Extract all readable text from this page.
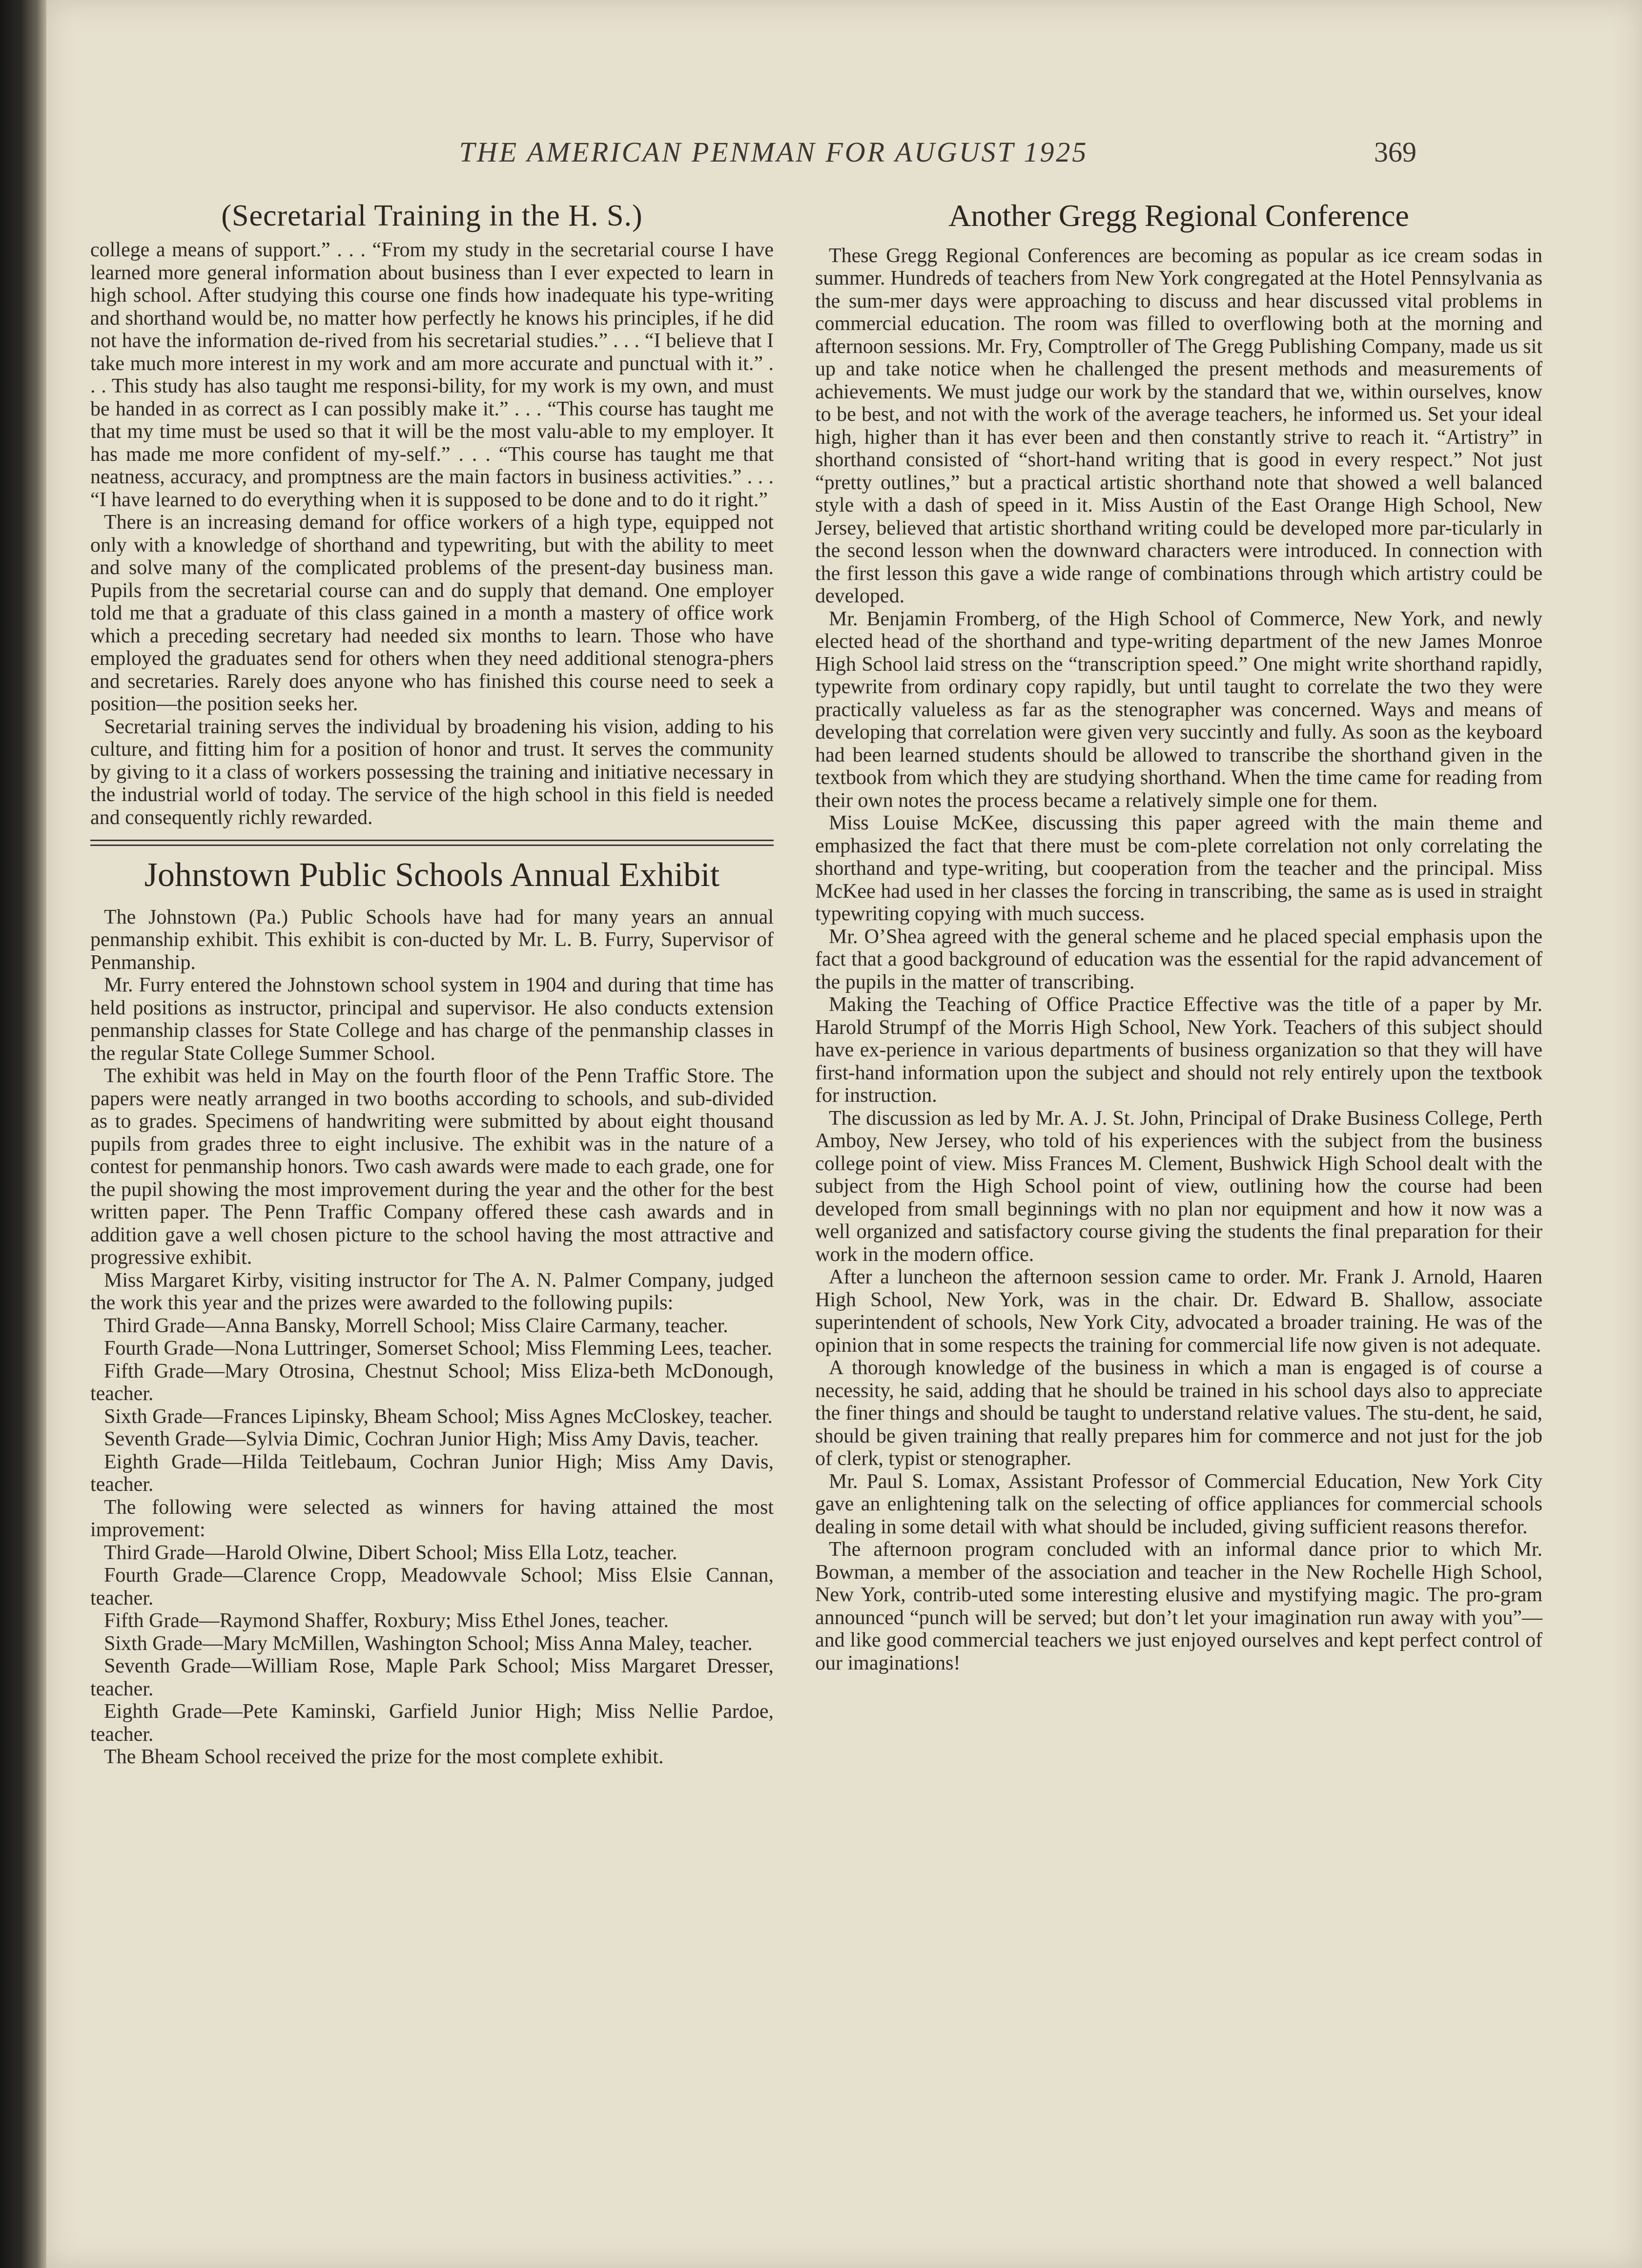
THE AMERICAN PENMAN FOR AUGUST 1925	369
(Secretarial Training in the H. S.)

college a means of support.” . . . “From my study in the secretarial course I have learned more general information about business than I ever expected to learn in high school. After studying this course one finds how inadequate his type-writing and shorthand would be, no matter how perfectly he knows his principles, if he did not have the information de-rived from his secretarial studies.” . . . “I believe that I take much more interest in my work and am more accurate and punctual with it.” . . . This study has also taught me responsi-bility, for my work is my own, and must be handed in as correct as I can possibly make it.” . . . “This course has taught me that my time must be used so that it will be the most valu-able to my employer. It has made me more confident of my-self.” . . . “This course has taught me that neatness, accuracy, and promptness are the main factors in business activities.” . . . “I have learned to do everything when it is supposed to be done and to do it right.”

There is an increasing demand for office workers of a high type, equipped not only with a knowledge of shorthand and typewriting, but with the ability to meet and solve many of the complicated problems of the present-day business man. Pupils from the secretarial course can and do supply that demand. One employer told me that a graduate of this class gained in a month a mastery of office work which a preceding secretary had needed six months to learn. Those who have employed the graduates send for others when they need additional stenogra-phers and secretaries. Rarely does anyone who has finished this course need to seek a position—the position seeks her.

Secretarial training serves the individual by broadening his vision, adding to his culture, and fitting him for a position of honor and trust. It serves the community by giving to it a class of workers possessing the training and initiative necessary in the industrial world of today. The service of the high school in this field is needed and consequently richly rewarded.

Johnstown Public Schools Annual Exhibit

The Johnstown (Pa.) Public Schools have had for many years an annual penmanship exhibit. This exhibit is con-ducted by Mr. L. B. Furry, Supervisor of Penmanship.

Mr. Furry entered the Johnstown school system in 1904 and during that time has held positions as instructor, principal and supervisor. He also conducts extension penmanship classes for State College and has charge of the penmanship classes in the regular State College Summer School.

The exhibit was held in May on the fourth floor of the Penn Traffic Store. The papers were neatly arranged in two booths according to schools, and sub-divided as to grades. Specimens of handwriting were submitted by about eight thousand pupils from grades three to eight inclusive. The exhibit was in the nature of a contest for penmanship honors. Two cash awards were made to each grade, one for the pupil showing the most improvement during the year and the other for the best written paper. The Penn Traffic Company offered these cash awards and in addition gave a well chosen picture to the school having the most attractive and progressive exhibit.

Miss Margaret Kirby, visiting instructor for The A. N. Palmer Company, judged the work this year and the prizes were awarded to the following pupils:

Third Grade—Anna Bansky, Morrell School; Miss Claire Carmany, teacher.

Fourth Grade—Nona Luttringer, Somerset School; Miss Flemming Lees, teacher.

Fifth Grade—Mary Otrosina, Chestnut School; Miss Eliza-beth McDonough, teacher.

Sixth Grade—Frances Lipinsky, Bheam School; Miss Agnes McCloskey, teacher.

Seventh Grade—Sylvia Dimic, Cochran Junior High; Miss Amy Davis, teacher.

Eighth Grade—Hilda Teitlebaum, Cochran Junior High; Miss Amy Davis, teacher.

The following were selected as winners for having attained the most improvement:

Third Grade—Harold Olwine, Dibert School; Miss Ella Lotz, teacher.

Fourth Grade—Clarence Cropp, Meadowvale School; Miss Elsie Cannan, teacher.

Fifth Grade—Raymond Shaffer, Roxbury; Miss Ethel Jones, teacher.

Sixth Grade—Mary McMillen, Washington School; Miss Anna Maley, teacher.

Seventh Grade—William Rose, Maple Park School; Miss Margaret Dresser, teacher.

Eighth Grade—Pete Kaminski, Garfield Junior High; Miss Nellie Pardoe, teacher.

The Bheam School received the prize for the most complete exhibit.

Another Gregg Regional Conference

These Gregg Regional Conferences are becoming as popular as ice cream sodas in summer. Hundreds of teachers from New York congregated at the Hotel Pennsylvania as the sum-mer days were approaching to discuss and hear discussed vital problems in commercial education. The room was filled to overflowing both at the morning and afternoon sessions. Mr. Fry, Comptroller of The Gregg Publishing Company, made us sit up and take notice when he challenged the present methods and measurements of achievements. We must judge our work by the standard that we, within ourselves, know to be best, and not with the work of the average teachers, he informed us. Set your ideal high, higher than it has ever been and then constantly strive to reach it. “Artistry” in shorthand consisted of “short-hand writing that is good in every respect.” Not just “pretty outlines,” but a practical artistic shorthand note that showed a well balanced style with a dash of speed in it. Miss Austin of the East Orange High School, New Jersey, believed that artistic shorthand writing could be developed more par-ticularly in the second lesson when the downward characters were introduced. In connection with the first lesson this gave a wide range of combinations through which artistry could be developed.

Mr. Benjamin Fromberg, of the High School of Commerce, New York, and newly elected head of the shorthand and type-writing department of the new James Monroe High School laid stress on the “transcription speed.” One might write shorthand rapidly, typewrite from ordinary copy rapidly, but until taught to correlate the two they were practically valueless as far as the stenographer was concerned. Ways and means of developing that correlation were given very succintly and fully. As soon as the keyboard had been learned students should be allowed to transcribe the shorthand given in the textbook from which they are studying shorthand. When the time came for reading from their own notes the process became a relatively simple one for them.

Miss Louise McKee, discussing this paper agreed with the main theme and emphasized the fact that there must be com-plete correlation not only correlating the shorthand and type-writing, but cooperation from the teacher and the principal. Miss McKee had used in her classes the forcing in transcribing, the same as is used in straight typewriting copying with much success.

Mr. O’Shea agreed with the general scheme and he placed special emphasis upon the fact that a good background of education was the essential for the rapid advancement of the pupils in the matter of transcribing.

Making the Teaching of Office Practice Effective was the title of a paper by Mr. Harold Strumpf of the Morris High School, New York. Teachers of this subject should have ex-perience in various departments of business organization so that they will have first-hand information upon the subject and should not rely entirely upon the textbook for instruction.

The discussion as led by Mr. A. J. St. John, Principal of Drake Business College, Perth Amboy, New Jersey, who told of his experiences with the subject from the business college point of view. Miss Frances M. Clement, Bushwick High School dealt with the subject from the High School point of view, outlining how the course had been developed from small beginnings with no plan nor equipment and how it now was a well organized and satisfactory course giving the students the final preparation for their work in the modern office.

After a luncheon the afternoon session came to order. Mr. Frank J. Arnold, Haaren High School, New York, was in the chair. Dr. Edward B. Shallow, associate superintendent of schools, New York City, advocated a broader training. He was of the opinion that in some respects the training for commercial life now given is not adequate.

A thorough knowledge of the business in which a man is engaged is of course a necessity, he said, adding that he should be trained in his school days also to appreciate the finer things and should be taught to understand relative values. The stu-dent, he said, should be given training that really prepares him for commerce and not just for the job of clerk, typist or stenographer.

Mr. Paul S. Lomax, Assistant Professor of Commercial Education, New York City gave an enlightening talk on the selecting of office appliances for commercial schools dealing in some detail with what should be included, giving sufficient reasons therefor.

The afternoon program concluded with an informal dance prior to which Mr. Bowman, a member of the association and teacher in the New Rochelle High School, New York, contrib-uted some interesting elusive and mystifying magic. The pro-gram announced “punch will be served; but don’t let your imagination run away with you”—and like good commercial teachers we just enjoyed ourselves and kept perfect control of our imaginations!
